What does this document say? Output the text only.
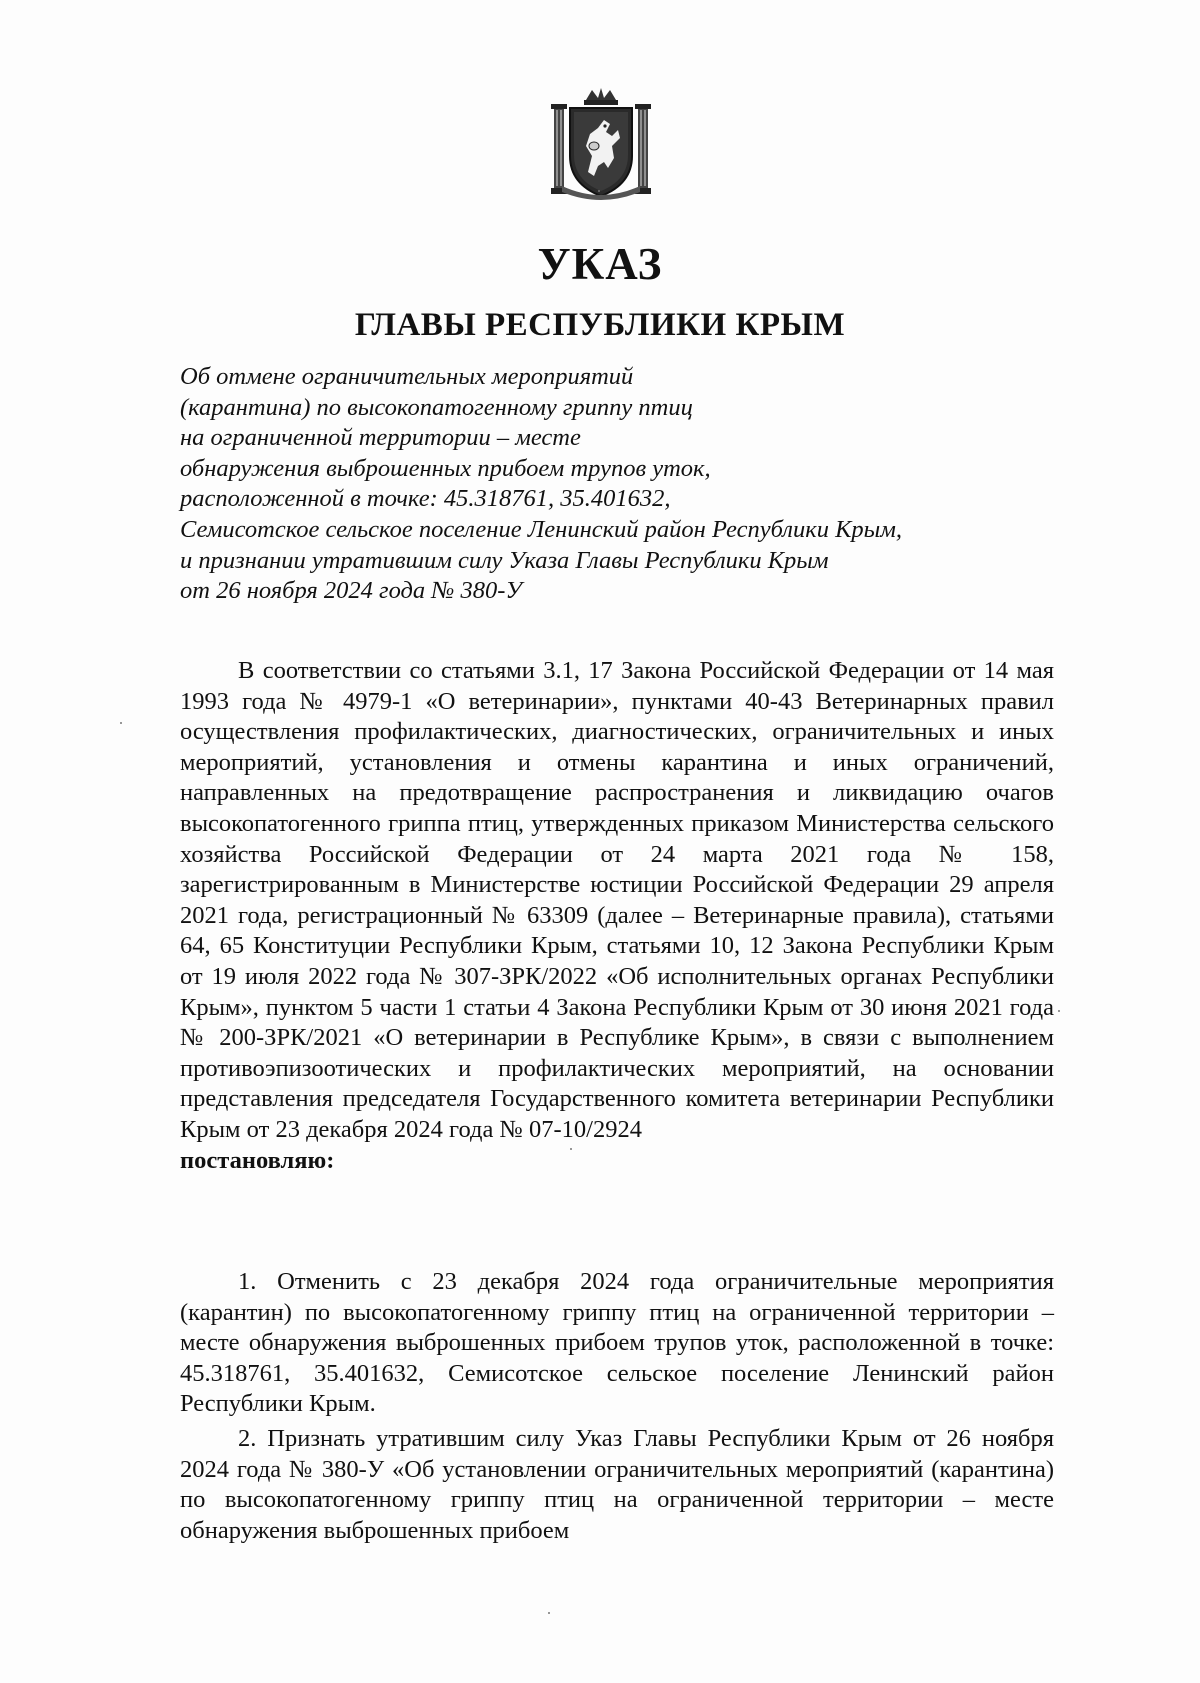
УКАЗ
ГЛАВЫ РЕСПУБЛИКИ КРЫМ
Об отмене ограничительных мероприятий
(карантина) по высокопатогенному гриппу птиц
на ограниченной территории – месте
обнаружения выброшенных прибоем трупов уток,
расположенной в точке: 45.318761, 35.401632,
Семисотское сельское поселение Ленинский район Республики Крым,
и признании утратившим силу Указа Главы Республики Крым
от 26 ноября 2024 года № 380-У

В соответствии со статьями 3.1, 17 Закона Российской Федерации от 14 мая 1993 года № 4979-1 «О ветеринарии», пунктами 40-43 Ветеринарных правил осуществления профилактических, диагностических, ограничительных и иных мероприятий, установления и отмены карантина и иных ограничений, направленных на предотвращение распространения и ликвидацию очагов высокопатогенного гриппа птиц, утвержденных приказом Министерства сельского хозяйства Российской Федерации от 24 марта 2021 года № 158, зарегистрированным в Министерстве юстиции Российской Федерации 29 апреля 2021 года, регистрационный № 63309 (далее – Ветеринарные правила), статьями 64, 65 Конституции Республики Крым, статьями 10, 12 Закона Республики Крым от 19 июля 2022 года № 307-ЗРК/2022 «Об исполнительных органах Республики Крым», пунктом 5 части 1 статьи 4 Закона Республики Крым от 30 июня 2021 года № 200-ЗРК/2021 «О ветеринарии в Республике Крым», в связи с выполнением противоэпизоотических и профилактических мероприятий, на основании представления председателя Государственного комитета ветеринарии Республики Крым от 23 декабря 2024 года № 07-10/2924

постановляю:

1. Отменить с 23 декабря 2024 года ограничительные мероприятия (карантин) по высокопатогенному гриппу птиц на ограниченной территории – месте обнаружения выброшенных прибоем трупов уток, расположенной в точке: 45.318761, 35.401632, Семисотское сельское поселение Ленинский район Республики Крым.

2. Признать утратившим силу Указ Главы Республики Крым от 26 ноября 2024 года № 380-У «Об установлении ограничительных мероприятий (карантина) по высокопатогенному гриппу птиц на ограниченной территории – месте обнаружения выброшенных прибоем
